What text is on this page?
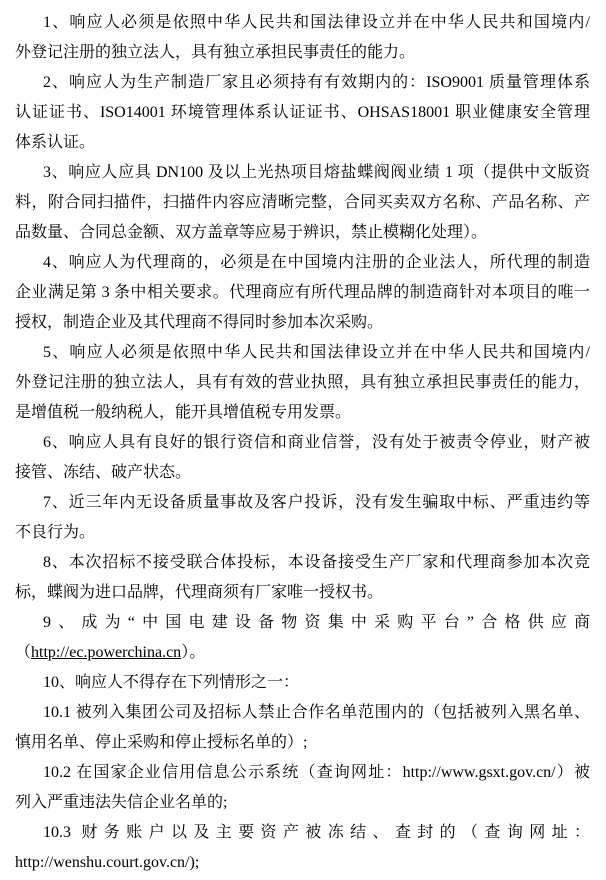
1、响应人必须是依照中华人民共和国法律设立并在中华人民共和国境内/
外登记注册的独立法人，具有独立承担民事责任的能力。
2、响应人为生产制造厂家且必须持有有效期内的：ISO9001 质量管理体系
认证证书、ISO14001 环境管理体系认证证书、OHSAS18001 职业健康安全管理
体系认证。
3、响应人应具 DN100 及以上光热项目熔盐蝶阀阀业绩 1 项（提供中文版资
料，附合同扫描件，扫描件内容应清晰完整，合同买卖双方名称、产品名称、产
品数量、合同总金额、双方盖章等应易于辨识，禁止模糊化处理）。
4、响应人为代理商的，必须是在中国境内注册的企业法人，所代理的制造
企业满足第 3 条中相关要求。代理商应有所代理品牌的制造商针对本项目的唯一
授权，制造企业及其代理商不得同时参加本次采购。
5、响应人必须是依照中华人民共和国法律设立并在中华人民共和国境内/
外登记注册的独立法人，具有有效的营业执照，具有独立承担民事责任的能力，
是增值税一般纳税人，能开具增值税专用发票。
6、响应人具有良好的银行资信和商业信誉，没有处于被责令停业，财产被
接管、冻结、破产状态。
7、近三年内无设备质量事故及客户投诉，没有发生骗取中标、严重违约等
不良行为。
8、本次招标不接受联合体投标，本设备接受生产厂家和代理商参加本次竞
标，蝶阀为进口品牌，代理商须有厂家唯一授权书。
9、成为“中国电建设备物资集中采购平台”合格供应商
（http://ec.powerchina.cn）。
10、响应人不得存在下列情形之一：
10.1 被列入集团公司及招标人禁止合作名单范围内的（包括被列入黑名单、
慎用名单、停止采购和停止授标名单的）;
10.2 在国家企业信用信息公示系统（查询网址：http://www.gsxt.gov.cn/）被
列入严重违法失信企业名单的;
10.3 财务账户以及主要资产被冻结、查封的（查询网址：
http://wenshu.court.gov.cn/);
